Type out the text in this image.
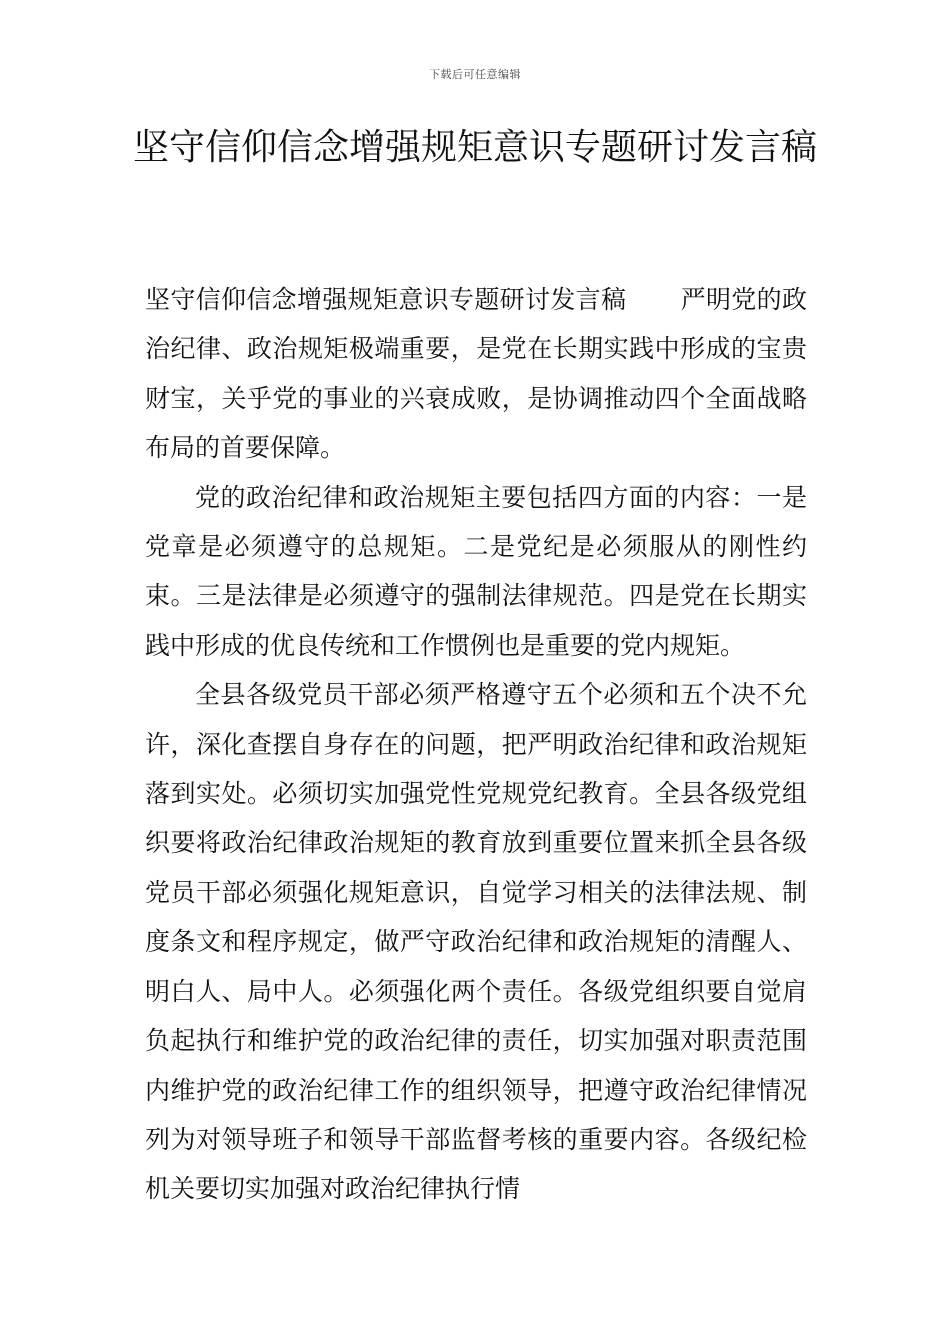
下载后可任意编辑
坚守信仰信念增强规矩意识专题研讨发言稿

坚守信仰信念增强规矩意识专题研讨发言稿 严明党的政治纪律、政治规矩极端重要，是党在长期实践中形成的宝贵财宝，关乎党的事业的兴衰成败，是协调推动四个全面战略布局的首要保障。

党的政治纪律和政治规矩主要包括四方面的内容：一是党章是必须遵守的总规矩。二是党纪是必须服从的刚性约束。三是法律是必须遵守的强制法律规范。四是党在长期实践中形成的优良传统和工作惯例也是重要的党内规矩。

全县各级党员干部必须严格遵守五个必须和五个决不允许，深化查摆自身存在的问题，把严明政治纪律和政治规矩落到实处。必须切实加强党性党规党纪教育。全县各级党组织要将政治纪律政治规矩的教育放到重要位置来抓全县各级党员干部必须强化规矩意识，自觉学习相关的法律法规、制度条文和程序规定，做严守政治纪律和政治规矩的清醒人、明白人、局中人。必须强化两个责任。各级党组织要自觉肩负起执行和维护党的政治纪律的责任，切实加强对职责范围内维护党的政治纪律工作的组织领导，把遵守政治纪律情况列为对领导班子和领导干部监督考核的重要内容。各级纪检机关要切实加强对政治纪律执行情
